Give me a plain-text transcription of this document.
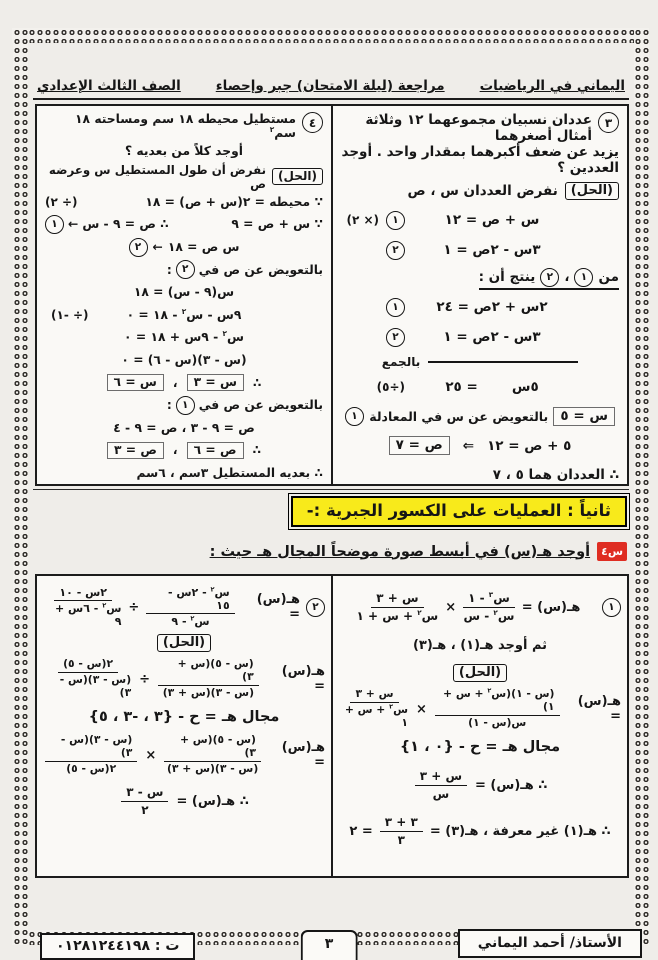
اليماني في الرياضيات
مراجعة (ليلة الامتحان) جبر وإحصاء
الصف الثالث الإعدادي
٣
عددان نسبيان مجموعهما ١٢ وثلاثة أمثال أصغرهما
يزيد عن ضعف أكبرهما بمقدار واحد . أوجد العددين ؟
(الحل)
نفرض العددان س ، ص
س + ص = ١٢
١
(× ٢)
٣س - ٢ص = ١
٢
من
١
،
٢
ينتج أن :
٢س + ٢ص = ٢٤
١
٣س - ٢ص = ١
٢
بالجمع
٥س
= ٢٥
(÷٥)
س = ٥
بالتعويض عن س في المعادلة
١
٥ + ص = ١٢
⇐
ص = ٧
∴ العددان هما ٥ ، ٧
٤
مستطيل محيطه ١٨ سم ومساحته ١٨ سم$^٢$
أوجد كلاً من بعديه ؟
(الحل)
نفرض أن طول المستطيل س وعرضه ص
∵ محيطه = ٢(س + ص) = ١٨
(÷ ٢)
∵ س + ص = ٩
∴ ص = ٩ - س
←
١
س ص = ١٨
←
٢
بالتعويض عن ص في
٢
:
س(٩ - س) = ١٨
٩س - س$^٢$ - ١٨ = ٠
(÷ -١)
س$^٢$ - ٩س + ١٨ = ٠
(س - ٣)(س - ٦) = ٠
∴
س = ٣
،
س = ٦
بالتعويض عن ص في
١
:
ص = ٩ - ٣ ، ص = ٩ - ٤
∴
ص = ٦
،
ص = ٣
∴ بعديه المستطيل ٣سم ، ٦سم
ثانياً : العمليات على الكسور الجبرية :-
س٤
أوجد هـ(س) في أبسط صورة موضحاً المجال هـ حيث :
١
هـ(س) =
$\frac{س^٣ - ١}{س^٢ - س}$
×
$\frac{\text{س + ٣}}{س^٢ + س + ١}$
ثم أوجد هـ(١) ، هـ(٣)
(الحل)
هـ(س) =
$\frac{(س - ١)(س^٢ + س + ١)}{\text{س(س - ١)}}$
×
$\frac{\text{س + ٣}}{س^٢ + س + ١}$
مجال هـ = ح - {٠ ، ١}
∴ هـ(س) =
$\frac{\text{س + ٣}}{\text{س}}$
∴ هـ(١) غير معرفة ، هـ(٣) =
$\frac{٣ + ٣}{٣}$
= ٢
٢
هـ(س) =
$\frac{س^٢ - ٢س - ١٥}{س^٢ - ٩}$
÷
$\frac{\text{٢س - ١٠}}{س^٢ - ٦س + ٩}$
(الحل)
هـ(س) =
$\frac{\text{(س - ٥)(س + ٣)}}{\text{(س - ٣)(س + ٣)}}$
÷
$\frac{\text{٢(س - ٥)}}{\text{(س - ٣)(س - ٣)}}$
مجال هـ = ح - {٣ ، -٣ ، ٥}
هـ(س) =
$\frac{\text{(س - ٥)(س + ٣)}}{\text{(س - ٣)(س + ٣)}}$
×
$\frac{\text{(س - ٣)(س - ٣)}}{\text{٢(س - ٥)}}$
∴ هـ(س) =
$\frac{\text{س - ٣}}{٢}$
الأستاذ/ أحمد اليماني
٣
ت : ٠١٢٨١٢٤٤١٩٨
